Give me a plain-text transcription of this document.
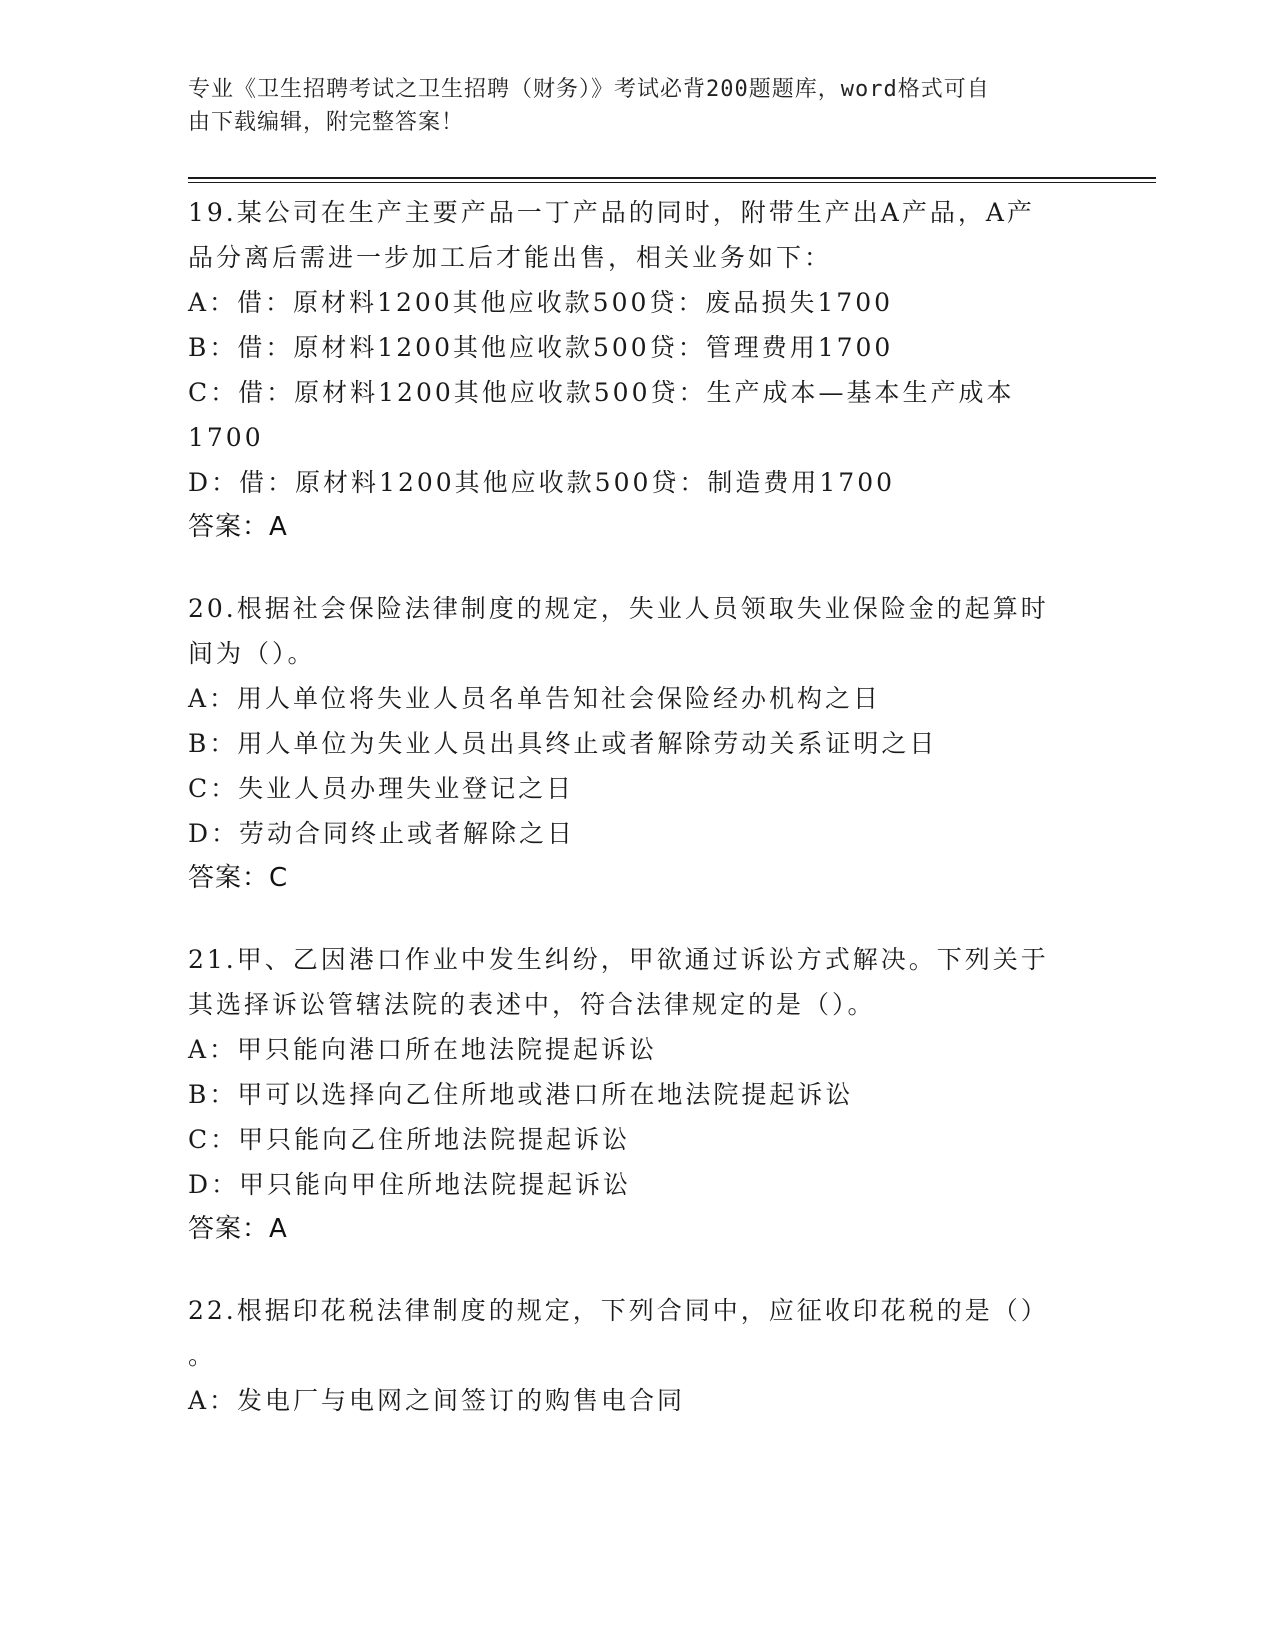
专业《卫生招聘考试之卫生招聘（财务）》考试必背200题题库，word格式可自
由下载编辑，附完整答案！

19.某公司在生产主要产品一丁产品的同时，附带生产出A产品，A产

品分离后需进一步加工后才能出售，相关业务如下：

A：借：原材料1200其他应收款500贷：废品损失1700

B：借：原材料1200其他应收款500贷：管理费用1700

C：借：原材料1200其他应收款500贷：生产成本—基本生产成本

1700

D：借：原材料1200其他应收款500贷：制造费用1700

答案：A

20.根据社会保险法律制度的规定，失业人员领取失业保险金的起算时

间为（）。

A：用人单位将失业人员名单告知社会保险经办机构之日

B：用人单位为失业人员出具终止或者解除劳动关系证明之日

C：失业人员办理失业登记之日

D：劳动合同终止或者解除之日

答案：C

21.甲、乙因港口作业中发生纠纷，甲欲通过诉讼方式解决。下列关于

其选择诉讼管辖法院的表述中，符合法律规定的是（）。

A：甲只能向港口所在地法院提起诉讼

B：甲可以选择向乙住所地或港口所在地法院提起诉讼

C：甲只能向乙住所地法院提起诉讼

D：甲只能向甲住所地法院提起诉讼

答案：A

22.根据印花税法律制度的规定，下列合同中，应征收印花税的是（）

。

A：发电厂与电网之间签订的购售电合同
